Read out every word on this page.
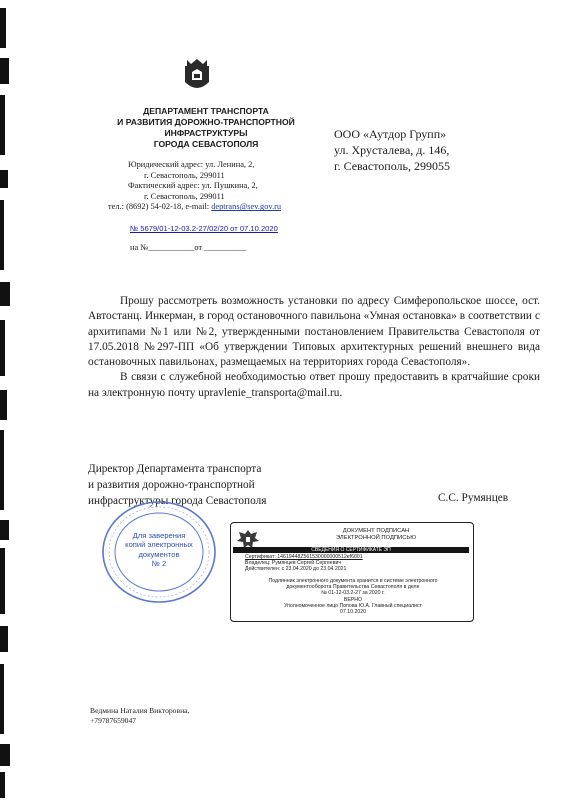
ДЕПАРТАМЕНТ ТРАНСПОРТА
И РАЗВИТИЯ ДОРОЖНО-ТРАНСПОРТНОЙ
ИНФРАСТРУКТУРЫ
ГОРОДА СЕВАСТОПОЛЯ
Юридический адрес: ул. Ленина, 2,
г. Севастополь, 299011
Фактический адрес: ул. Пушкина, 2,
г. Севастополь, 299011
тел.: (8692) 54-02-18, e-mail: deptrans@sev.gov.ru
№ 5679/01-12-03.2-27/02/20 от 07.10.2020
на №___________от __________
ООО «Аутдор Групп»
ул. Хрусталева, д. 146,
г. Севастополь, 299055

Прошу рассмотреть возможность установки по адресу Симферопольское шоссе, ост. Автостанц. Инкерман, в город остановочного павильона «Умная остановка» в соответствии с архитипами №1 или №2, утвержденными постановлением Правительства Севастополя от 17.05.2018 №297-ПП «Об утверждении Типовых архитектурных решений внешнего вида остановочных павильонах, размещаемых на территориях города Севастополя».

В связи с служебной необходимостью ответ прошу предоставить в кратчайшие сроки на электронную почту upravlenie_transporta@mail.ru.

Директор Департамента транспорта
и развития дорожно-транспортной
инфраструктуры города Севастополя	С.С. Румянцев
Для заверения
копий электронных
документов
№ 2
ДОКУМЕНТ ПОДПИСАН
ЭЛЕКТРОННОЙ ПОДПИСЬЮ
СВЕДЕНИЯ О СЕРТИФИКАТЕ ЭП
Сертификат: 14619448Z561530000000512ef6001
Владелец: Румянцев Сергей Сергеевич
Действителен: с 23.04.2020 до 23.04.2021
Подлинник электронного документа хранится в системе электронного
документооборота Правительства Севастополя в деле
№ 01-12-03.2-27 за 2020 г.
ВЕРНО
Уполномоченное лицо Попова Ю.А. Главный специалист
07.10.2020
Ведмина Наталия Викторовна,
+79787659047
